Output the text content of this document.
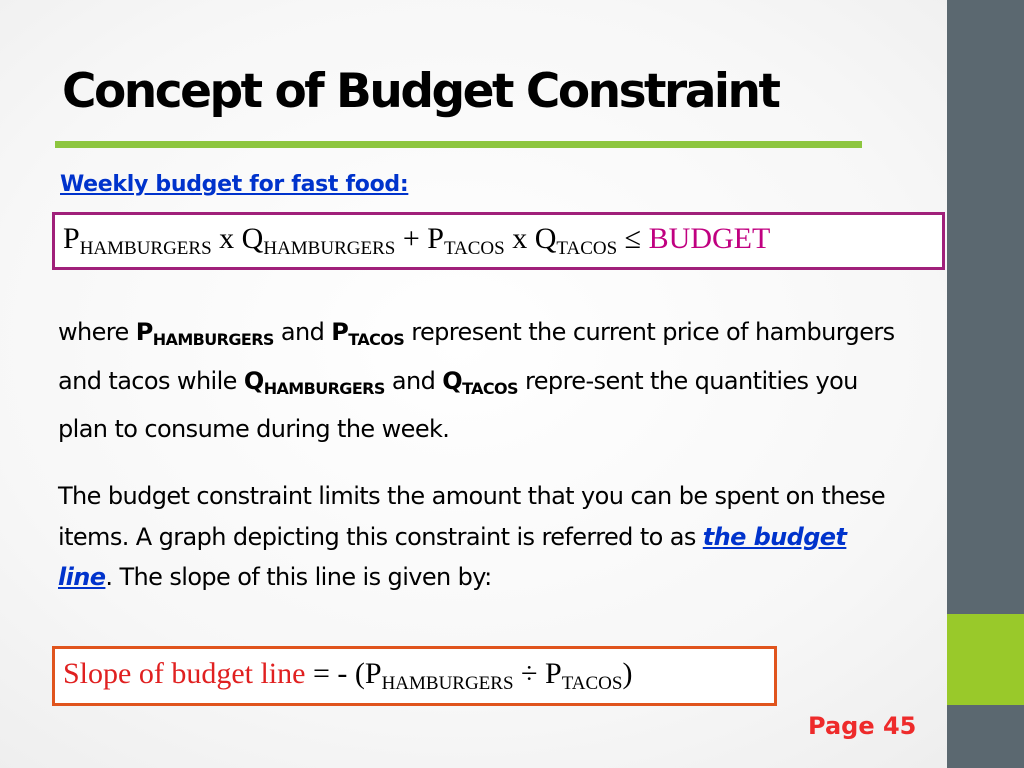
Concept of Budget Constraint
Weekly budget for fast food:
$P_{HAMBURGERS}$ x $Q_{HAMBURGERS} + P_{TACOS}$ x $Q_{TACOS}$ ≤ BUDGET
where $P_{HAMBURGERS}$ and $P_{TACOS}$ represent the current price of hamburgers and tacos while $Q_{HAMBURGERS}$ and $Q_{TACOS}$ repre-sent the quantities you plan to consume during the week.
The budget constraint limits the amount that you can be spent on these items. A graph depicting this constraint is referred to as the budget line. The slope of this line is given by:
Slope of budget line = - $(P_{HAMBURGERS} \div P_{TACOS})$
Page 45
